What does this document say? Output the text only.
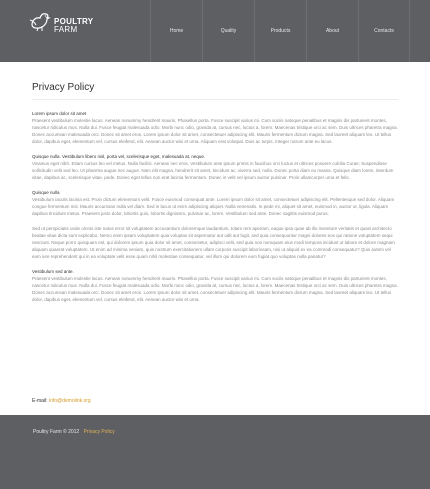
POULTRY
FARM	Home	Quality	Products	About	Contacts
Privacy Policy
Lorem ipsum dolor sit amet
Praesent vestibulum molestie lacus. Aenean nonummy hendrerit mauris. Phasellus porta. Fusce suscipit varius mi. Cum sociis natoque penatibus et magnis dis parturient montes, nascetur ridiculus mus. Nulla dui. Fusce feugiat malesuada odio. Morbi nunc odio, gravida at, cursus nec, luctus a, lorem. Maecenas tristique orci ac sem. Duis ultrices pharetra magna. Donec accumsan malesuada orci. Donec sit amet eros. Lorem ipsum dolor sit amet, consectetuer adipiscing elit. Mauris fermentum dictum magna. Sed laoreet aliquam leo. Ut tellus dolor, dapibus eget, elementum vel, cursus eleifend, elit. Aenean auctor wisi et urna. Aliquam erat volutpat. Duis ac turpis. Integer rutrum ante eu lacus.
Quisque nulla. Vestibulum libero nisl, porta vel, scelerisque eget, malesuada at, neque.
Vivamus eget nibh. Etiam cursus leo vel metus. Nulla facilisi. Aenean nec eros. Vestibulum ante ipsum primis in faucibus orci luctus et ultrices posuere cubilia Curae; Suspendisse sollicitudin velit sed leo. Ut pharetra augue nec augue. Nam elit magna, hendrerit sit amet, tincidunt ac, viverra sed, nulla. Donec porta diam eu massa. Quisque diam lorem, interdum vitae, dapibus ac, scelerisque vitae, pede. Donec eget tellus non erat lacinia fermentum. Donec in velit vel ipsum auctor pulvinar. Proin ullamcorper urna et felis.
Quisque nulla
Vestibulum iaculis lacinia est. Proin dictum elementum velit. Fusce euismod consequat ante. Lorem ipsum dolor sit amet, consectetuer adipiscing elit. Pellentesque sed dolor. Aliquam congue fermentum nisl. Mauris accumsan nulla vel diam. Sed in lacus ut enim adipiscing aliquet. Nulla venenatis. In pede mi, aliquet sit amet, euismod in, auctor ut, ligula. Aliquam dapibus tincidunt metus. Praesent justo dolor, lobortis quis, lobortis dignissim, pulvinar ac, lorem. Vestibulum sed ante. Donec sagittis euismod purus.
Sed ut perspiciatis unde omnis iste natus error sit voluptatem accusantium doloremque laudantium, totam rem aperiam, eaque ipsa quae ab illo inventore veritatis et quasi architecto beatae vitae dicta sunt explicabo. Nemo enim ipsam voluptatem quia voluptas sit aspernatur aut odit aut fugit, sed quia consequuntur magni dolores eos qui ratione voluptatem sequi nesciunt. Neque porro quisquam est, qui dolorem ipsum quia dolor sit amet, consectetur, adipisci velit, sed quia non numquam eius modi tempora incidunt ut labore et dolore magnam aliquam quaerat voluptatem. Ut enim ad minima veniam, quis nostrum exercitationem ullam corporis suscipit laboriosam, nisi ut aliquid ex ea commodi consequatur? Quis autem vel eum iure reprehenderit qui in ea voluptate velit esse quam nihil molestiae consequatur, vel illum qui dolorem eum fugiat quo voluptas nulla pariatur?
Vestibulum sed ante.
Praesent vestibulum molestie lacus. Aenean nonummy hendrerit mauris. Phasellus porta. Fusce suscipit varius mi. Cum sociis natoque penatibus et magnis dis parturient montes, nascetur ridiculus mus. Nulla dui. Fusce feugiat malesuada odio. Morbi nunc odio, gravida at, cursus nec, luctus a, lorem. Maecenas tristique orci ac sem. Duis ultrices pharetra magna. Donec accumsan malesuada orci. Donec sit amet eros. Lorem ipsum dolor sit amet, consectetuer adipiscing elit. Mauris fermentum dictum magna. Sed laoreet aliquam leo. Ut tellus dolor, dapibus eget, elementum vel, cursus eleifend, elit. Aenean auctor wisi et urna.
E-mail: info@demolink.org
Poultry Farm © 2012 Privacy Policy
